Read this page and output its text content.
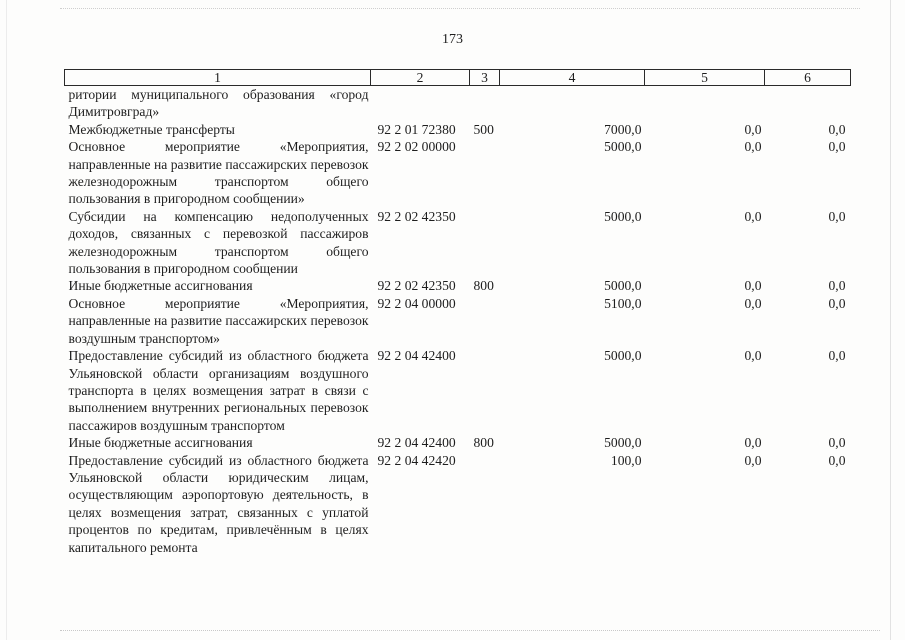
173
1	2	3	4	5	6
ритории муниципального образования «город Димитровград»					
Межбюджетные трансферты	92 2 01 72380	500	7000,0	0,0	0,0
Основное мероприятие «Мероприятия, направленные на развитие пассажирских перевозок железнодорожным транспортом общего пользования в пригородном сообщении»	92 2 02 00000		5000,0	0,0	0,0
Субсидии на компенсацию недополученных доходов, связанных с перевозкой пассажиров железнодорожным транспортом общего пользования в пригородном сообщении	92 2 02 42350		5000,0	0,0	0,0
Иные бюджетные ассигнования	92 2 02 42350	800	5000,0	0,0	0,0
Основное мероприятие «Мероприятия, направленные на развитие пассажирских перевозок воздушным транспортом»	92 2 04 00000		5100,0	0,0	0,0
Предоставление субсидий из областного бюджета Ульяновской области организациям воздушного транспорта в целях возмещения затрат в связи с выполнением внутренних региональных перевозок пассажиров воздушным транспортом	92 2 04 42400		5000,0	0,0	0,0
Иные бюджетные ассигнования	92 2 04 42400	800	5000,0	0,0	0,0
Предоставление субсидий из областного бюджета Ульяновской области юридическим лицам, осуществляющим аэропортовую деятельность, в целях возмещения затрат, связанных с уплатой процентов по кредитам, привлечённым в целях капитального ремонта	92 2 04 42420		100,0	0,0	0,0
